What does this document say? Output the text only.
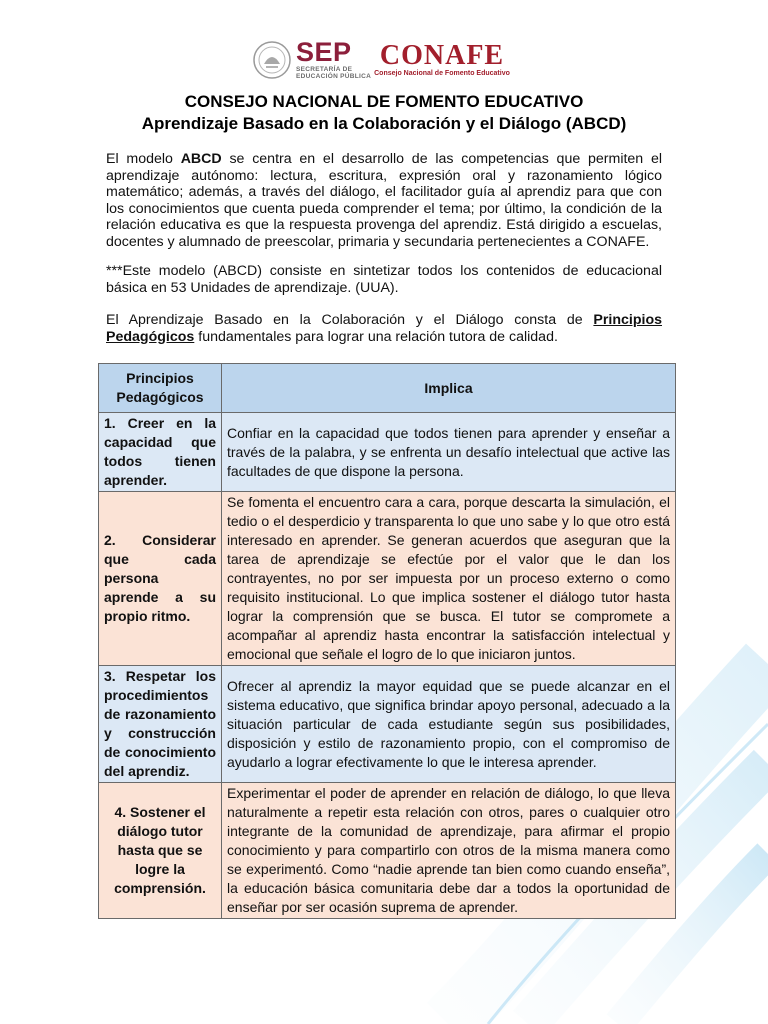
SEP
SECRETARÍA DE
EDUCACIÓN PÚBLICA
CONAFE
Consejo Nacional de Fomento Educativo
CONSEJO NACIONAL DE FOMENTO EDUCATIVO
Aprendizaje Basado en la Colaboración y el Diálogo (ABCD)

El modelo ABCD se centra en el desarrollo de las competencias que permiten el aprendizaje autónomo: lectura, escritura, expresión oral y razonamiento lógico matemático; además, a través del diálogo, el facilitador guía al aprendiz para que con los conocimientos que cuenta pueda comprender el tema; por último, la condición de la relación educativa es que la respuesta provenga del aprendiz. Está dirigido a escuelas, docentes y alumnado de preescolar, primaria y secundaria pertenecientes a CONAFE.

***Este modelo (ABCD) consiste en sintetizar todos los contenidos de educacional básica en 53 Unidades de aprendizaje. (UUA).

El Aprendizaje Basado en la Colaboración y el Diálogo consta de Principios Pedagógicos fundamentales para lograr una relación tutora de calidad.

Principios Pedagógicos	Implica
1. Creer en la capacidad que todos tienen aprender.	Confiar en la capacidad que todos tienen para aprender y enseñar a través de la palabra, y se enfrenta un desafío intelectual que active las facultades de que dispone la persona.
2. Considerar que cada persona aprende a su propio ritmo.	Se fomenta el encuentro cara a cara, porque descarta la simulación, el tedio o el desperdicio y transparenta lo que uno sabe y lo que otro está interesado en aprender. Se generan acuerdos que aseguran que la tarea de aprendizaje se efectúe por el valor que le dan los contrayentes, no por ser impuesta por un proceso externo o como requisito institucional. Lo que implica sostener el diálogo tutor hasta lograr la comprensión que se busca. El tutor se compromete a acompañar al aprendiz hasta encontrar la satisfacción intelectual y emocional que señale el logro de lo que iniciaron juntos.
3. Respetar los procedimientos de razonamiento y construcción de conocimiento del aprendiz.	Ofrecer al aprendiz la mayor equidad que se puede alcanzar en el sistema educativo, que significa brindar apoyo personal, adecuado a la situación particular de cada estudiante según sus posibilidades, disposición y estilo de razonamiento propio, con el compromiso de ayudarlo a lograr efectivamente lo que le interesa aprender.
4. Sostener el diálogo tutor hasta que se logre la comprensión.	Experimentar el poder de aprender en relación de diálogo, lo que lleva naturalmente a repetir esta relación con otros, pares o cualquier otro integrante de la comunidad de aprendizaje, para afirmar el propio conocimiento y para compartirlo con otros de la misma manera como se experimentó. Como “nadie aprende tan bien como cuando enseña”, la educación básica comunitaria debe dar a todos la oportunidad de enseñar por ser ocasión suprema de aprender.
